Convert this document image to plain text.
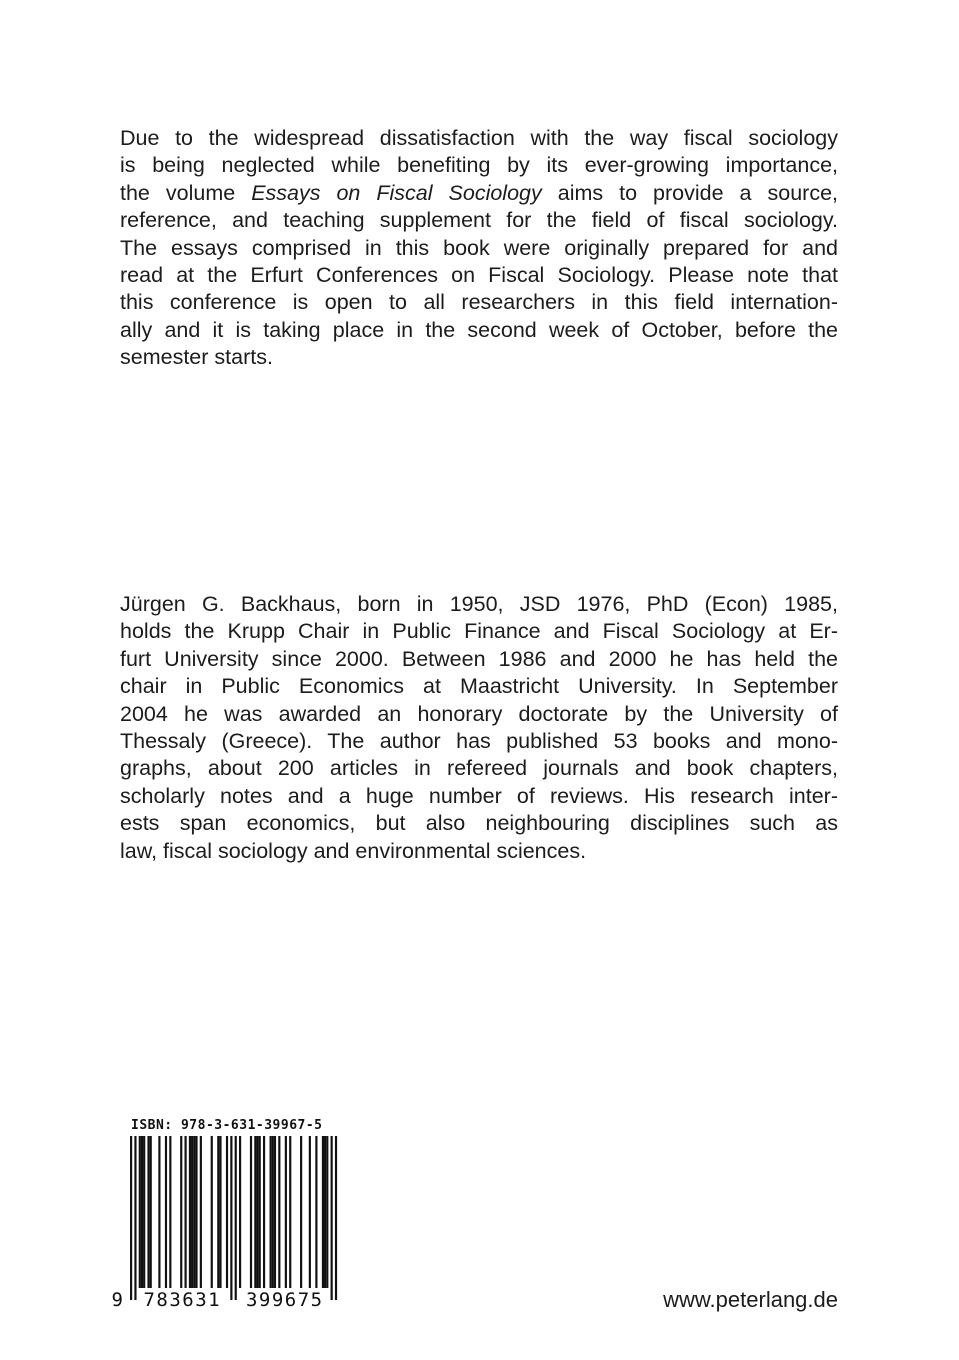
Due to the widespread dissatisfaction with the way fiscal sociology
is being neglected while benefiting by its ever-growing importance,
the volume Essays on Fiscal Sociology aims to provide a source,
reference, and teaching supplement for the field of fiscal sociology.
The essays comprised in this book were originally prepared for and
read at the Erfurt Conferences on Fiscal Sociology. Please note that
this conference is open to all researchers in this field internation-
ally and it is taking place in the second week of October, before the
semester starts.
Jürgen G. Backhaus, born in 1950, JSD 1976, PhD (Econ) 1985,
holds the Krupp Chair in Public Finance and Fiscal Sociology at Er-
furt University since 2000. Between 1986 and 2000 he has held the
chair in Public Economics at Maastricht University. In September
2004 he was awarded an honorary doctorate by the University of
Thessaly (Greece). The author has published 53 books and mono-
graphs, about 200 articles in refereed journals and book chapters,
scholarly notes and a huge number of reviews. His research inter-
ests span economics, but also neighbouring disciplines such as
law, fiscal sociology and environmental sciences.
ISBN: 978-3-631-39967-5
9 783631 399675	www.peterlang.de
